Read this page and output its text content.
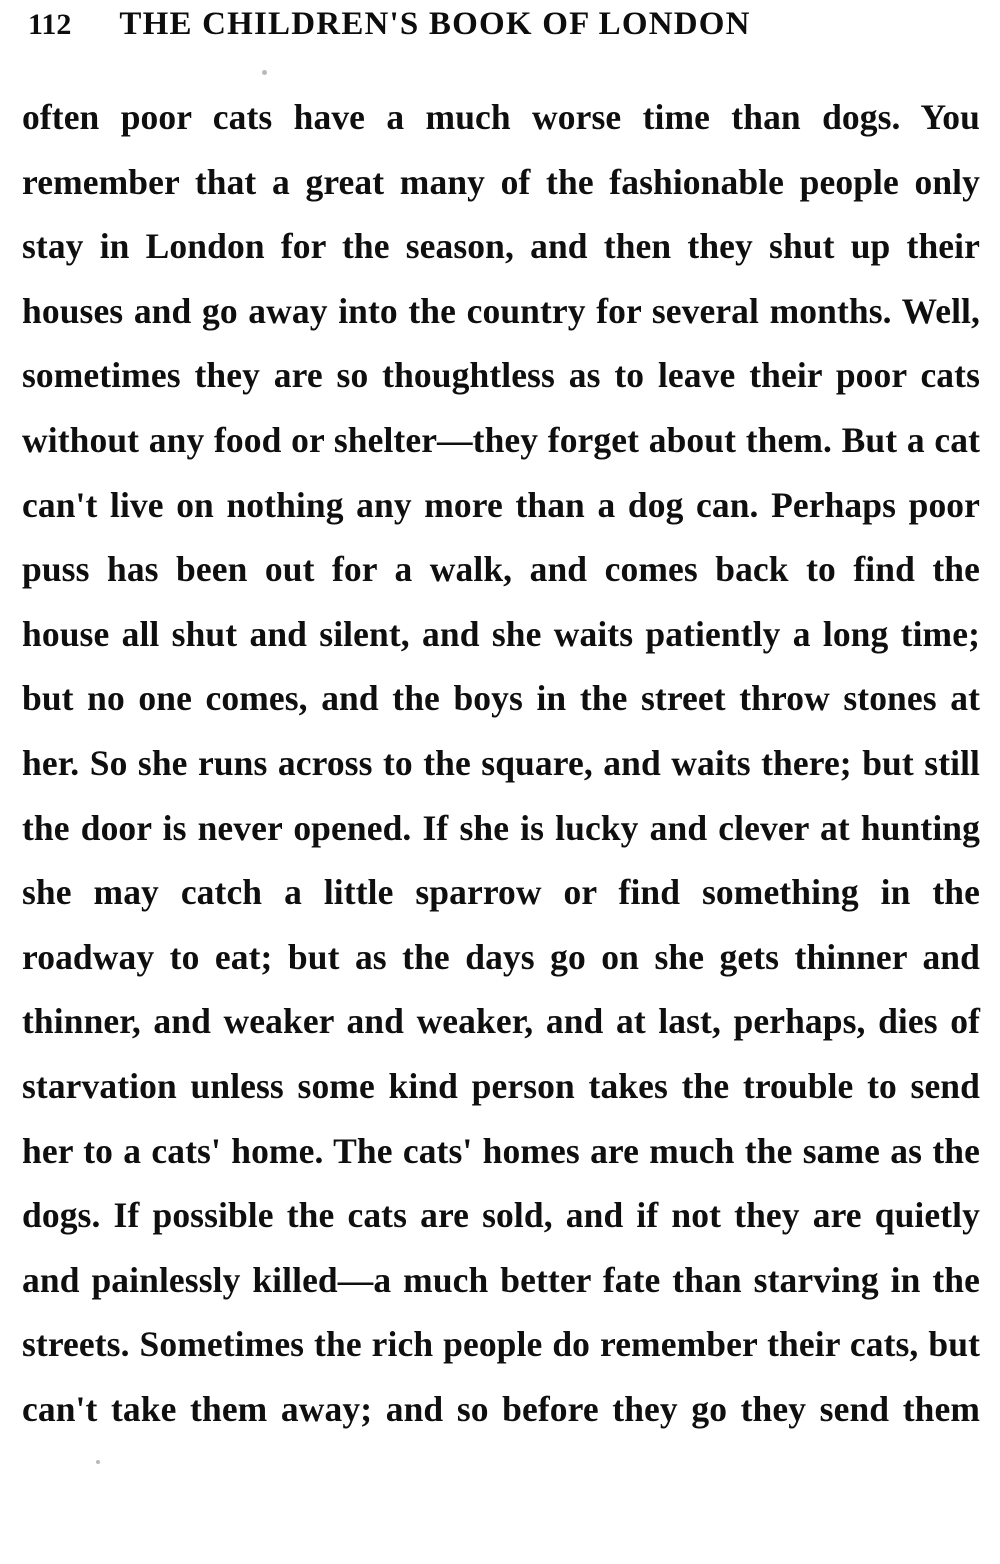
112 THE CHILDREN'S BOOK OF LONDON

often poor cats have a much worse time than dogs. You remember that a great many of the fashionable people only stay in London for the season, and then they shut up their houses and go away into the country for several months. Well, sometimes they are so thoughtless as to leave their poor cats without any food or shelter—they forget about them. But a cat can't live on nothing any more than a dog can. Perhaps poor puss has been out for a walk, and comes back to find the house all shut and silent, and she waits patiently a long time; but no one comes, and the boys in the street throw stones at her. So she runs across to the square, and waits there; but still the door is never opened. If she is lucky and clever at hunting she may catch a little sparrow or find something in the roadway to eat; but as the days go on she gets thinner and thinner, and weaker and weaker, and at last, perhaps, dies of starvation unless some kind person takes the trouble to send her to a cats' home. The cats' homes are much the same as the dogs. If possible the cats are sold, and if not they are quietly and painlessly killed—a much better fate than starving in the streets. Sometimes the rich people do remember their cats, but can't take them away; and so before they go they send them
